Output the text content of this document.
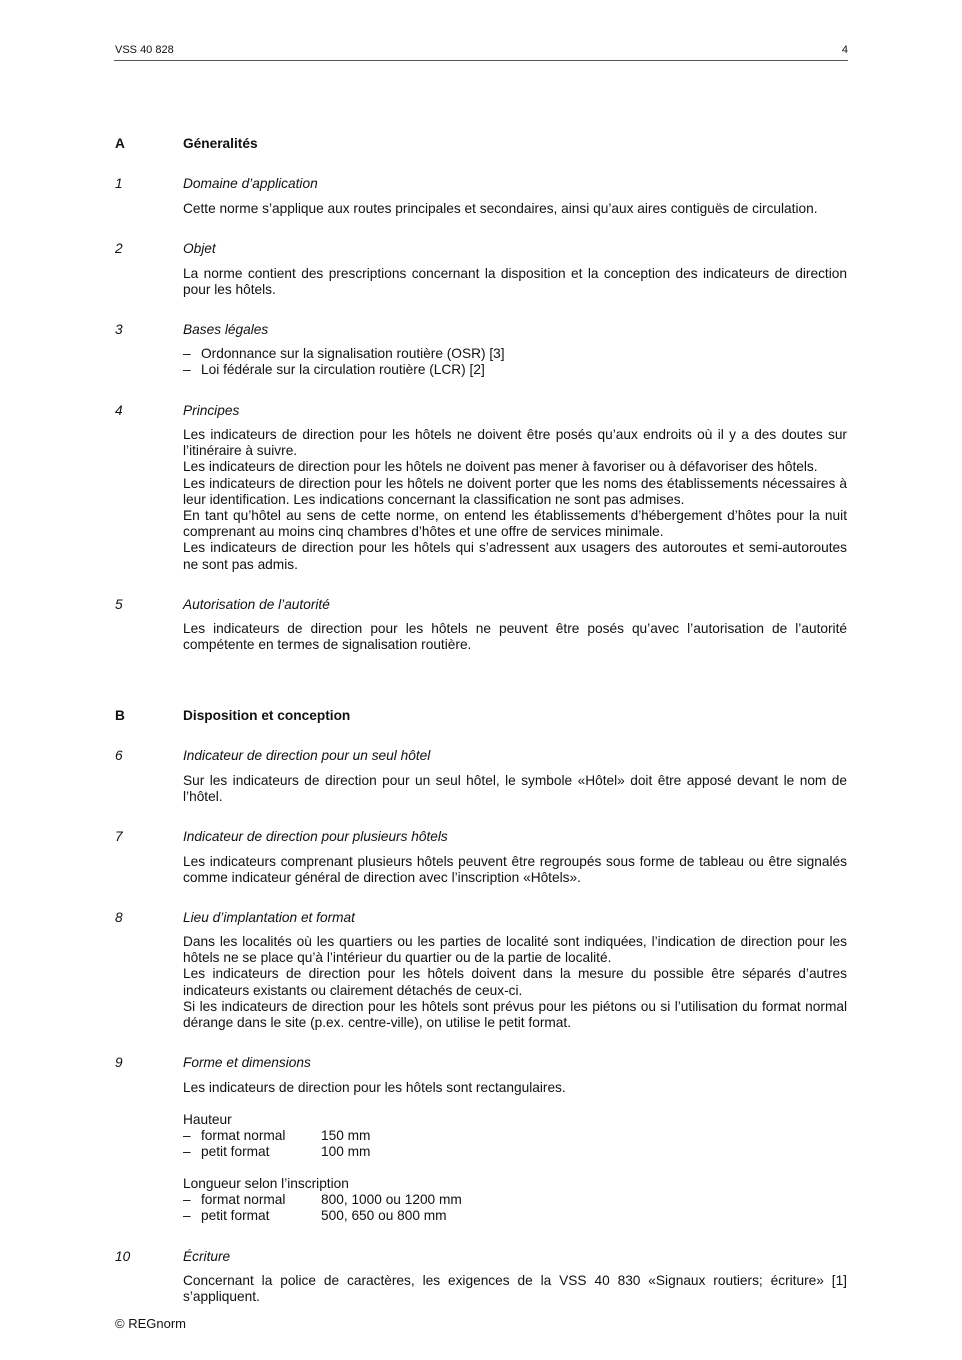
VSS 40 828	4
A	Géneralités
1	Domaine d’application

Cette norme s’applique aux routes principales et secondaires, ainsi qu’aux aires contiguës de circulation.

2	Objet

La norme contient des prescriptions concernant la disposition et la conception des indicateurs de direction pour les hôtels.

3	Bases légales
– Ordonnance sur la signalisation routière (OSR) [3]
– Loi fédérale sur la circulation routière (LCR) [2]
4	Principes

Les indicateurs de direction pour les hôtels ne doivent être posés qu’aux endroits où il y a des doutes sur l’itinéraire à suivre.

Les indicateurs de direction pour les hôtels ne doivent pas mener à favoriser ou à défavoriser des hôtels.

Les indicateurs de direction pour les hôtels ne doivent porter que les noms des établissements nécessaires à leur identification. Les indications concernant la classification ne sont pas admises.

En tant qu’hôtel au sens de cette norme, on entend les établissements d’hébergement d’hôtes pour la nuit comprenant au moins cinq chambres d’hôtes et une offre de services minimale.

Les indicateurs de direction pour les hôtels qui s’adressent aux usagers des autoroutes et semi-autoroutes ne sont pas admis.

5	Autorisation de l’autorité

Les indicateurs de direction pour les hôtels ne peuvent être posés qu’avec l’autorisation de l’autorité compétente en termes de signalisation routière.

B	Disposition et conception
6	Indicateur de direction pour un seul hôtel

Sur les indicateurs de direction pour un seul hôtel, le symbole «Hôtel» doit être apposé devant le nom de l’hôtel.

7	Indicateur de direction pour plusieurs hôtels

Les indicateurs comprenant plusieurs hôtels peuvent être regroupés sous forme de tableau ou être signalés comme indicateur général de direction avec l’inscription «Hôtels».

8	Lieu d’implantation et format

Dans les localités où les quartiers ou les parties de localité sont indiquées, l’indication de direction pour les hôtels ne se place qu’à l’intérieur du quartier ou de la partie de localité.

Les indicateurs de direction pour les hôtels doivent dans la mesure du possible être séparés d’autres indicateurs existants ou clairement détachés de ceux-ci.

Si les indicateurs de direction pour les hôtels sont prévus pour les piétons ou si l’utilisation du format normal dérange dans le site (p.ex. centre-ville), on utilise le petit format.

9	Forme et dimensions

Les indicateurs de direction pour les hôtels sont rectangulaires.

Hauteur
– format normal	150 mm
– petit format	100 mm
Longueur selon l’inscription
– format normal	800, 1000 ou 1200 mm
– petit format	500, 650 ou 800 mm
10	Écriture

Concernant la police de caractères, les exigences de la VSS 40 830 «Signaux routiers; écriture» [1] s’appliquent.

© REGnorm
